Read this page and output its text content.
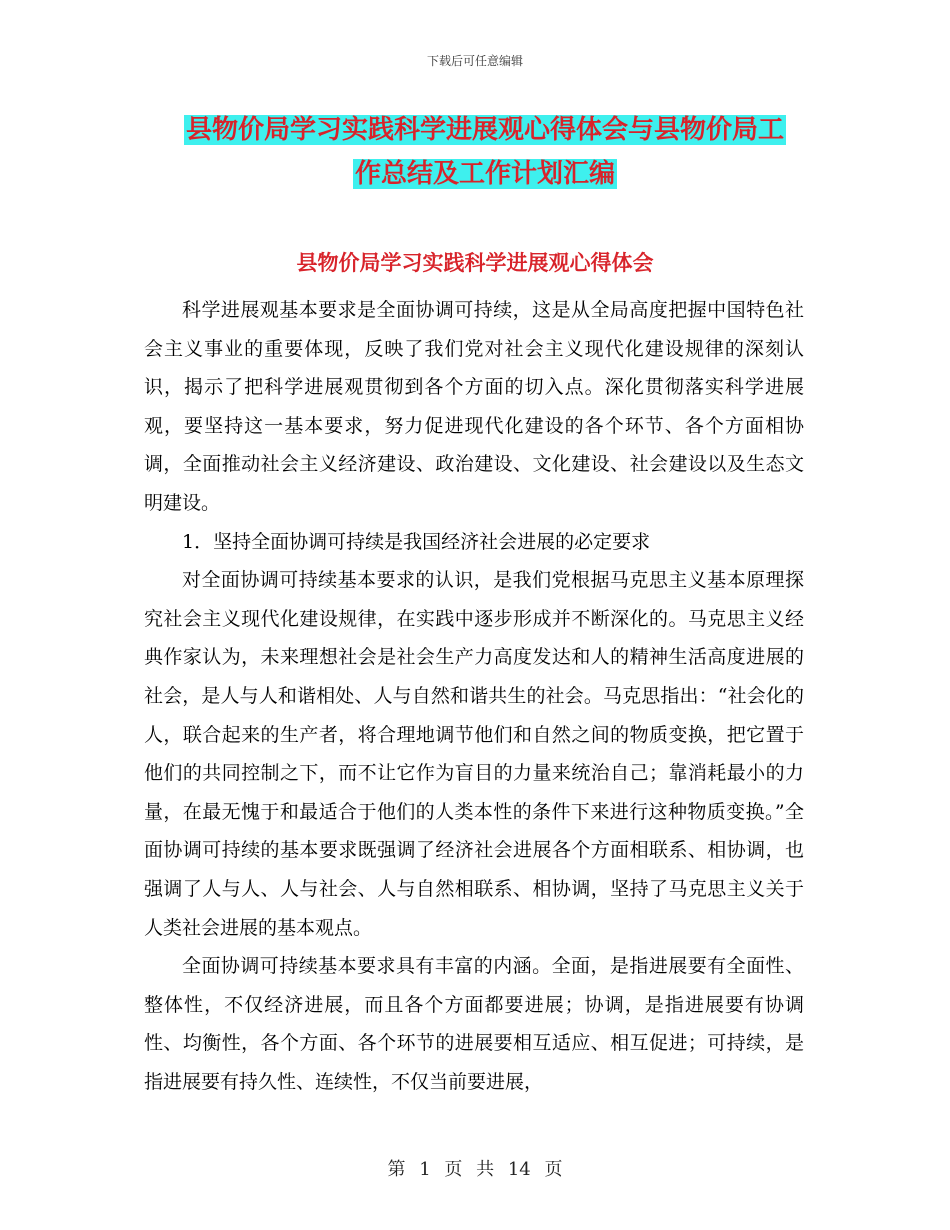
下载后可任意编辑
县物价局学习实践科学进展观心得体会与县物价局工
作总结及工作计划汇编
县物价局学习实践科学进展观心得体会

科学进展观基本要求是全面协调可持续，这是从全局高度把握中国特色社会主义事业的重要体现，反映了我们党对社会主义现代化建设规律的深刻认识，揭示了把科学进展观贯彻到各个方面的切入点。深化贯彻落实科学进展观，要坚持这一基本要求，努力促进现代化建设的各个环节、各个方面相协调，全面推动社会主义经济建设、政治建设、文化建设、社会建设以及生态文明建设。

1．坚持全面协调可持续是我国经济社会进展的必定要求

对全面协调可持续基本要求的认识，是我们党根据马克思主义基本原理探究社会主义现代化建设规律，在实践中逐步形成并不断深化的。马克思主义经典作家认为，未来理想社会是社会生产力高度发达和人的精神生活高度进展的社会，是人与人和谐相处、人与自然和谐共生的社会。马克思指出：“社会化的人，联合起来的生产者，将合理地调节他们和自然之间的物质变换，把它置于他们的共同控制之下，而不让它作为盲目的力量来统治自己；靠消耗最小的力量，在最无愧于和最适合于他们的人类本性的条件下来进行这种物质变换。”全面协调可持续的基本要求既强调了经济社会进展各个方面相联系、相协调，也强调了人与人、人与社会、人与自然相联系、相协调，坚持了马克思主义关于人类社会进展的基本观点。

全面协调可持续基本要求具有丰富的内涵。全面，是指进展要有全面性、整体性，不仅经济进展，而且各个方面都要进展；协调，是指进展要有协调性、均衡性，各个方面、各个环节的进展要相互适应、相互促进；可持续，是指进展要有持久性、连续性，不仅当前要进展，

第 1 页 共 14 页
